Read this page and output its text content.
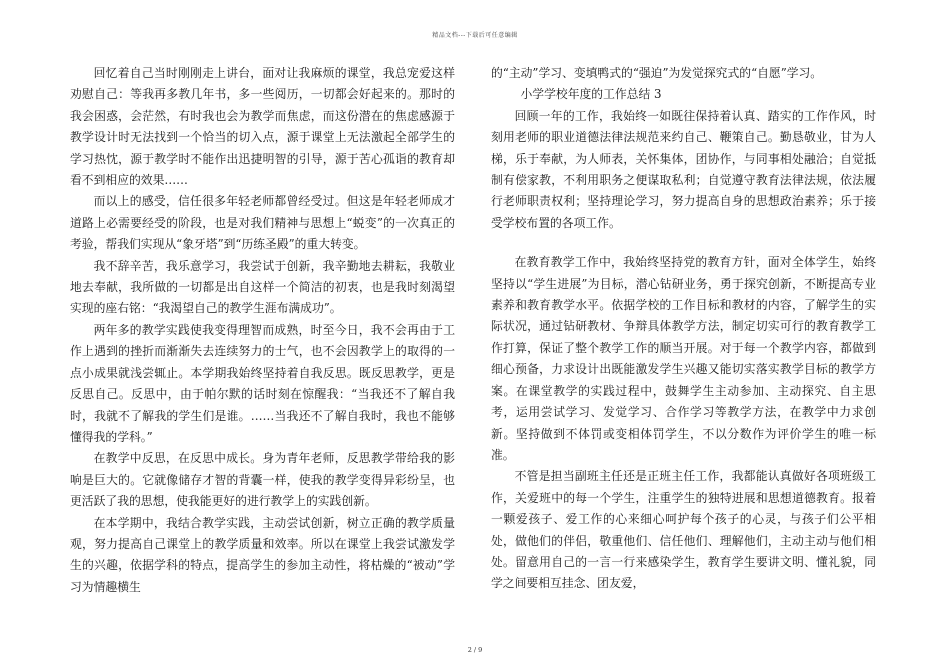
精品文档---下载后可任意编辑

回忆着自己当时刚刚走上讲台，面对让我麻烦的课堂，我总宠爱这样劝慰自己：等我再多教几年书，多一些阅历，一切都会好起来的。那时的我会困惑，会茫然，有时我也会为教学而焦虑，而这份潜在的焦虑感源于教学设计时无法找到一个恰当的切入点，源于课堂上无法激起全部学生的学习热忱，源于教学时不能作出迅捷明智的引导，源于苦心孤诣的教育却看不到相应的效果……

而以上的感受，信任很多年轻老师都曾经受过。但这是年轻老师成才道路上必需要经受的阶段，也是对我们精神与思想上“蜕变”的一次真正的考验，帮我们实现从“象牙塔”到“历练圣殿”的重大转变。

我不辞辛苦，我乐意学习，我尝试于创新，我辛勤地去耕耘，我敬业地去奉献，我所做的一切都是出自这样一个简洁的初衷，也是我时刻渴望实现的座右铭：“我渴望自己的教学生涯布满成功”。

两年多的教学实践使我变得理智而成熟，时至今日，我不会再由于工作上遇到的挫折而渐渐失去连续努力的士气，也不会因教学上的取得的一点小成果就浅尝辄止。本学期我始终坚持着自我反思。既反思教学，更是反思自己。反思中，由于帕尔默的话时刻在惊醒我：“当我还不了解自我时，我就不了解我的学生们是谁。……当我还不了解自我时，我也不能够懂得我的学科。”

在教学中反思，在反思中成长。身为青年老师，反思教学带给我的影响是巨大的。它就像储存才智的背囊一样，使我的教学变得异彩纷呈，也更活跃了我的思想，使我能更好的进行教学上的实践创新。

在本学期中，我结合教学实践，主动尝试创新，树立正确的教学质量观，努力提高自己课堂上的教学质量和效率。所以在课堂上我尝试激发学生的兴趣，依据学科的特点，提高学生的参加主动性，将枯燥的“被动”学习为情趣横生

的“主动”学习、变填鸭式的“强迫”为发觉探究式的“自愿”学习。

小学学校年度的工作总结 3

回顾一年的工作，我始终一如既往保持着认真、踏实的工作作风，时刻用老师的职业道德法律法规范来约自己、鞭策自己。勤恳敬业，甘为人梯，乐于奉献，为人师表，关怀集体，团协作，与同事相处融洽；自觉抵制有偿家教，不利用职务之便谋取私利；自觉遵守教育法律法规，依法履行老师职责权利；坚持理论学习，努力提高自身的思想政治素养；乐于接受学校布置的各项工作。

在教育教学工作中，我始终坚持党的教育方针，面对全体学生，始终坚持以“学生进展”为目标，潜心钻研业务，勇于探究创新，不断提高专业素养和教育教学水平。依据学校的工作目标和教材的内容，了解学生的实际状况，通过钻研教材、争辩具体教学方法，制定切实可行的教育教学工作打算，保证了整个教学工作的顺当开展。对于每一个教学内容，都做到细心预备，力求设计出既能激发学生兴趣又能切实落实教学目标的教学方案。在课堂教学的实践过程中，鼓舞学生主动参加、主动探究、自主思考，运用尝试学习、发觉学习、合作学习等教学方法，在教学中力求创新。坚持做到不体罚或变相体罚学生，不以分数作为评价学生的唯一标准。

不管是担当副班主任还是正班主任工作，我都能认真做好各项班级工作，关爱班中的每一个学生，注重学生的独特进展和思想道德教育。报着一颗爱孩子、爱工作的心来细心呵护每个孩子的心灵，与孩子们公平相处，做他们的伴侣，敬重他们、信任他们、理解他们，主动主动与他们相处。留意用自己的一言一行来感染学生，教育学生要讲文明、懂礼貌，同学之间要相互挂念、团友爱，

2 / 9
